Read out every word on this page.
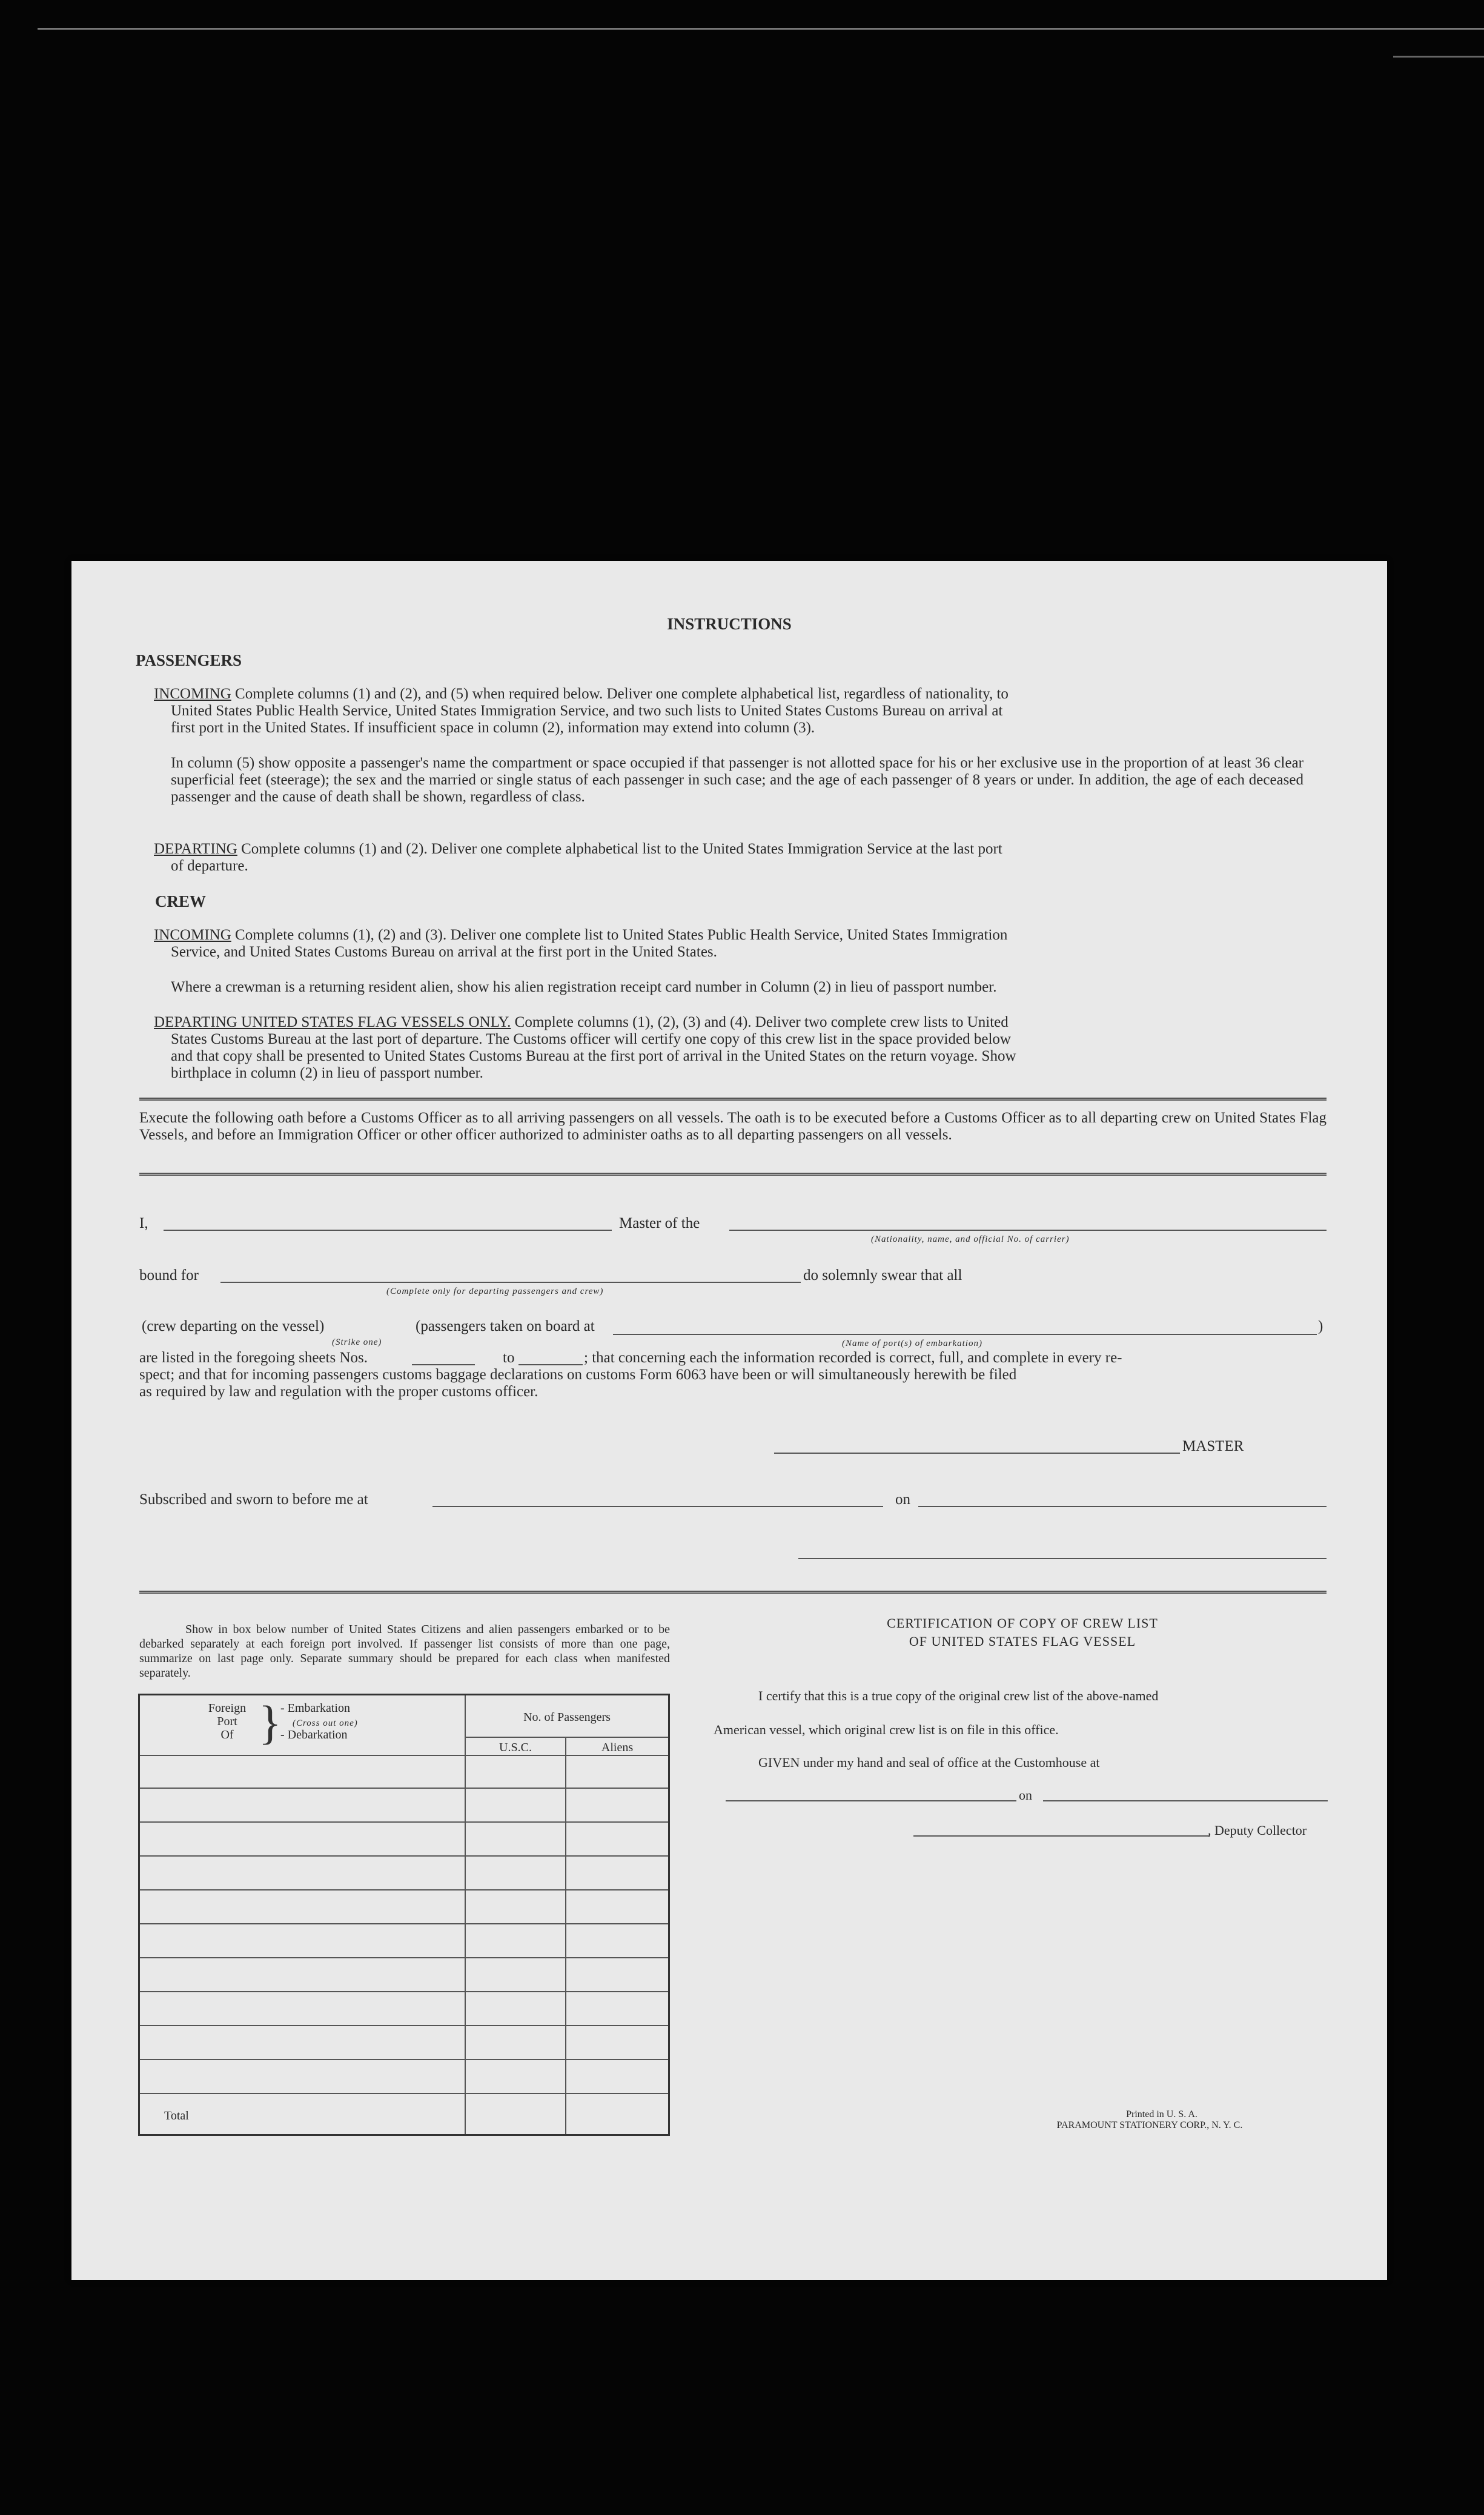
INSTRUCTIONS
PASSENGERS
INCOMING Complete columns (1) and (2), and (5) when required below. Deliver one complete alphabetical list, regardless of nationality, to
United States Public Health Service, United States Immigration Service, and two such lists to United States Customs Bureau on arrival at
first port in the United States. If insufficient space in column (2), information may extend into column (3).
In column (5) show opposite a passenger's name the compartment or space occupied if that passenger is not allotted space for his or her exclusive use in the proportion of at least 36 clear superficial feet (steerage); the sex and the married or single status of each passenger in such case; and the age of each passenger of 8 years or under. In addition, the age of each deceased passenger and the cause of death shall be shown, regardless of class.
DEPARTING Complete columns (1) and (2). Deliver one complete alphabetical list to the United States Immigration Service at the last port
of departure.
CREW
INCOMING Complete columns (1), (2) and (3). Deliver one complete list to United States Public Health Service, United States Immigration
Service, and United States Customs Bureau on arrival at the first port in the United States.
Where a crewman is a returning resident alien, show his alien registration receipt card number in Column (2) in lieu of passport number.
DEPARTING UNITED STATES FLAG VESSELS ONLY. Complete columns (1), (2), (3) and (4). Deliver two complete crew lists to United
States Customs Bureau at the last port of departure. The Customs officer will certify one copy of this crew list in the space provided below
and that copy shall be presented to United States Customs Bureau at the first port of arrival in the United States on the return voyage. Show
birthplace in column (2) in lieu of passport number.
Execute the following oath before a Customs Officer as to all arriving passengers on all vessels. The oath is to be executed before a Customs Officer as to all departing crew on United States Flag Vessels, and before an Immigration Officer or other officer authorized to administer oaths as to all departing passengers on all vessels.
I,	Master of the
(Nationality, name, and official No. of carrier)
bound for
(Complete only for departing passengers and crew)
do solemnly swear that all
(crew departing on the vessel)	(passengers taken on board at	)
(Strike one)	(Name of port(s) of embarkation)
are listed in the foregoing sheets Nos.	to	; that concerning each the information recorded is correct, full, and complete in every re-
spect; and that for incoming passengers customs baggage declarations on customs Form 6063 have been or will simultaneously herewith be filed
as required by law and regulation with the proper customs officer.
MASTER
Subscribed and sworn to before me at	on
Show in box below number of United States Citizens and alien passengers embarked or to be debarked separately at each foreign port involved. If passenger list consists of more than one page, summarize on last page only. Separate summary should be prepared for each class when manifested separately.
Foreign
Port
Of }
- Embarkation
(Cross out one)
- Debarkation
No. of Passengers
U.S.C.	Aliens
Total
CERTIFICATION OF COPY OF CREW LIST
OF UNITED STATES FLAG VESSEL
I certify that this is a true copy of the original crew list of the above-named
American vessel, which original crew list is on file in this office.
GIVEN under my hand and seal of office at the Customhouse at
on
, Deputy Collector
Printed in U. S. A.
PARAMOUNT STATIONERY CORP., N. Y. C.
